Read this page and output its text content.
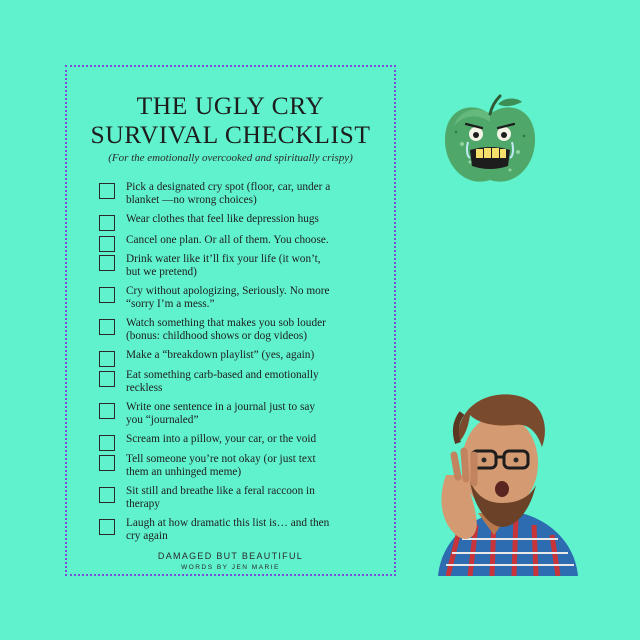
THE UGLY CRY
SURVIVAL CHECKLIST
(For the emotionally overcooked and spiritually crispy)
Pick a designated cry spot (floor, car, under a
blanket —no wrong choices)
Wear clothes that feel like depression hugs
Cancel one plan. Or all of them. You choose.
Drink water like it’ll fix your life (it won’t,
but we pretend)
Cry without apologizing, Seriously. No more
“sorry I’m a mess.”
Watch something that makes you sob louder
(bonus: childhood shows or dog videos)
Make a “breakdown playlist” (yes, again)
Eat something carb-based and emotionally
reckless
Write one sentence in a journal just to say
you “journaled”
Scream into a pillow, your car, or the void
Tell someone you’re not okay (or just text
them an unhinged meme)
Sit still and breathe like a feral raccoon in
therapy
Laugh at how dramatic this list is… and then
cry again
DAMAGED BUT BEAUTIFUL
WORDS BY JEN MARIE
